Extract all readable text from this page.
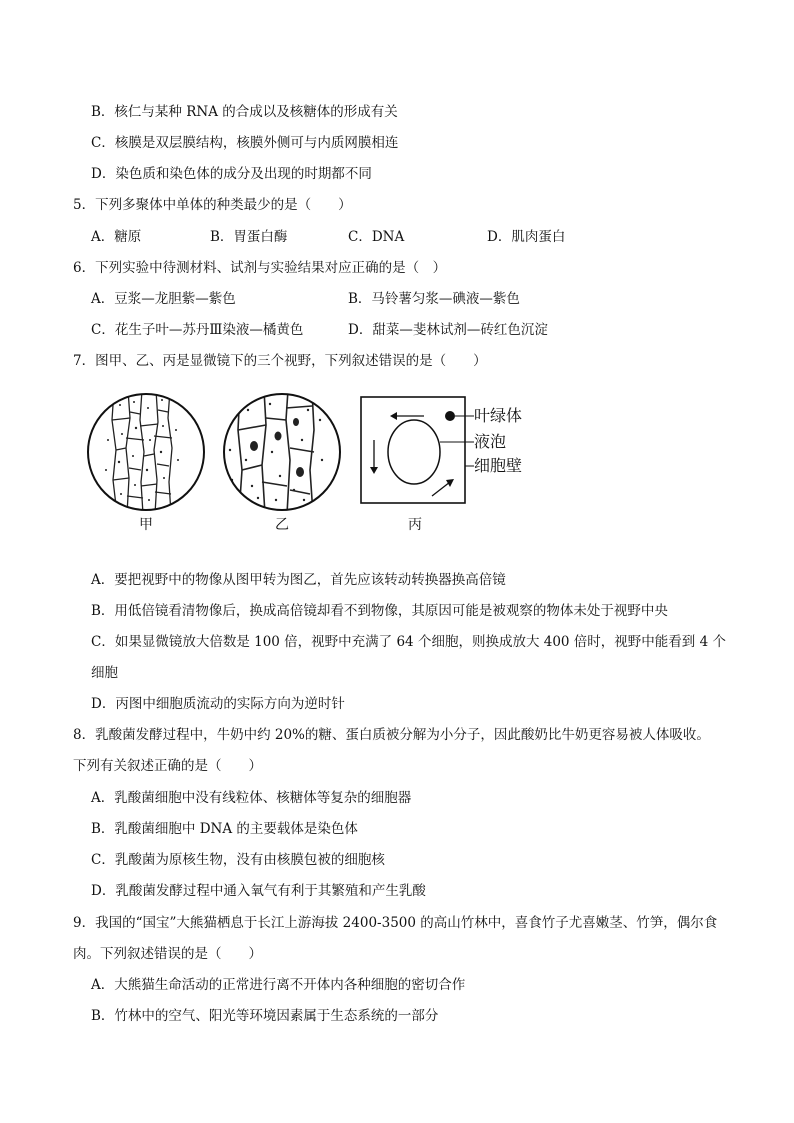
B．核仁与某种 RNA 的合成以及核糖体的形成有关
C．核膜是双层膜结构，核膜外侧可与内质网膜相连
D．染色质和染色体的成分及出现的时期都不同
5．下列多聚体中单体的种类最少的是（　　）
A．糖原	B．胃蛋白酶	C．DNA	D．肌肉蛋白
6．下列实验中待测材料、试剂与实验结果对应正确的是（　）
A．豆浆—龙胆紫—紫色	B．马铃薯匀浆—碘液—紫色
C．花生子叶—苏丹Ⅲ染液—橘黄色	D．甜菜—斐林试剂—砖红色沉淀
7．图甲、乙、丙是显微镜下的三个视野，下列叙述错误的是（　　）
甲	乙
叶绿体
液泡
细胞壁
丙
A．要把视野中的物像从图甲转为图乙，首先应该转动转换器换高倍镜
B．用低倍镜看清物像后，换成高倍镜却看不到物像，其原因可能是被观察的物体未处于视野中央
C．如果显微镜放大倍数是 100 倍，视野中充满了 64 个细胞，则换成放大 400 倍时，视野中能看到 4 个
细胞
D．丙图中细胞质流动的实际方向为逆时针
8．乳酸菌发酵过程中，牛奶中约 20%的糖、蛋白质被分解为小分子，因此酸奶比牛奶更容易被人体吸收。
下列有关叙述正确的是（　　）
A．乳酸菌细胞中没有线粒体、核糖体等复杂的细胞器
B．乳酸菌细胞中 DNA 的主要载体是染色体
C．乳酸菌为原核生物，没有由核膜包被的细胞核
D．乳酸菌发酵过程中通入氧气有利于其繁殖和产生乳酸
9．我国的“国宝”大熊猫栖息于长江上游海拔 2400-3500 的高山竹林中，喜食竹子尤喜嫩茎、竹笋，偶尔食
肉。下列叙述错误的是（　　）
A．大熊猫生命活动的正常进行离不开体内各种细胞的密切合作
B．竹林中的空气、阳光等环境因素属于生态系统的一部分
